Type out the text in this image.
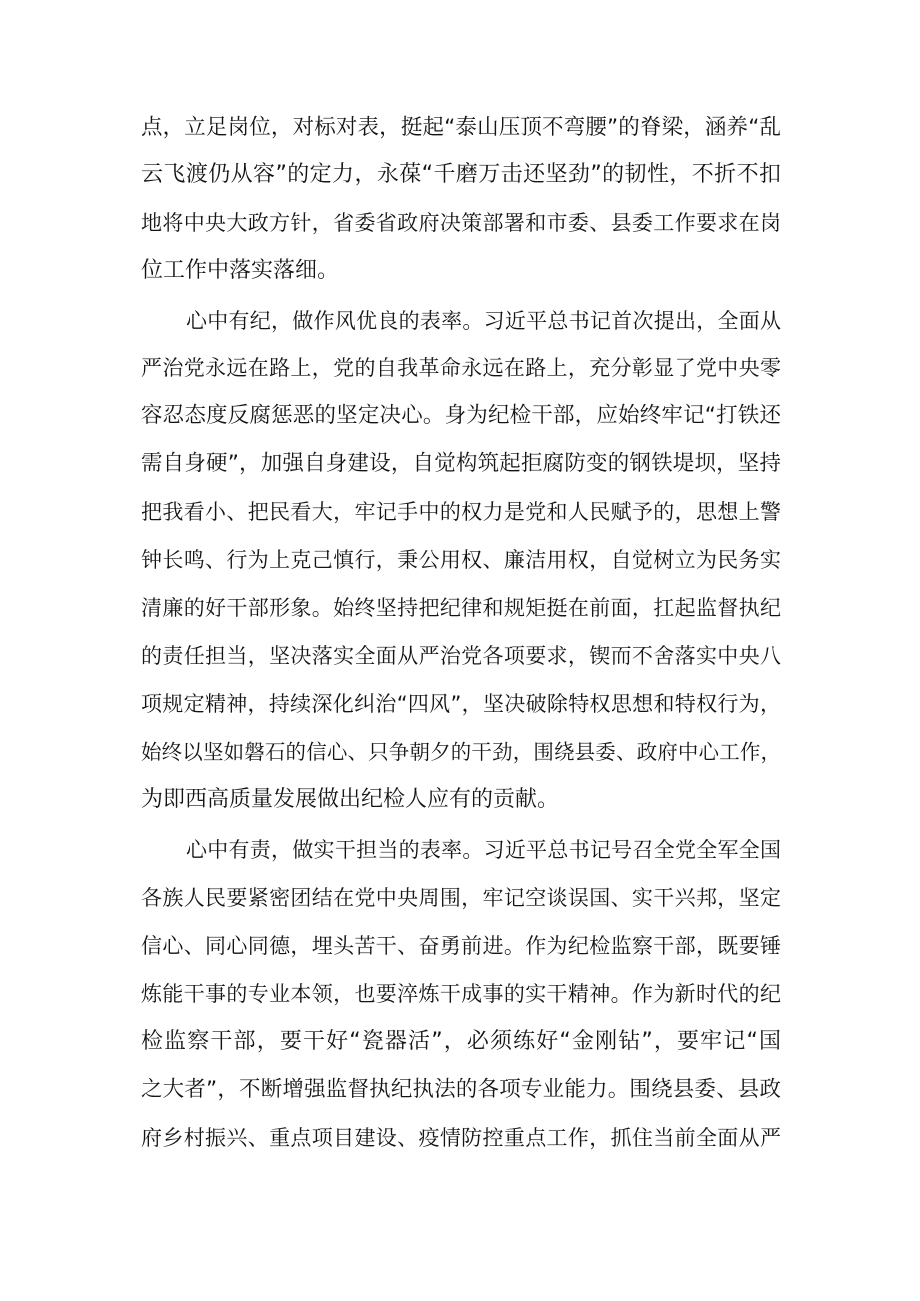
点，立足岗位，对标对表，挺起“泰山压顶不弯腰”的脊梁，涵养“乱

云飞渡仍从容”的定力，永葆“千磨万击还坚劲”的韧性，不折不扣

地将中央大政方针，省委省政府决策部署和市委、县委工作要求在岗

位工作中落实落细。

心中有纪，做作风优良的表率。习近平总书记首次提出，全面从

严治党永远在路上，党的自我革命永远在路上，充分彰显了党中央零

容忍态度反腐惩恶的坚定决心。身为纪检干部，应始终牢记“打铁还

需自身硬”，加强自身建设，自觉构筑起拒腐防变的钢铁堤坝，坚持

把我看小、把民看大，牢记手中的权力是党和人民赋予的，思想上警

钟长鸣、行为上克己慎行，秉公用权、廉洁用权，自觉树立为民务实

清廉的好干部形象。始终坚持把纪律和规矩挺在前面，扛起监督执纪

的责任担当，坚决落实全面从严治党各项要求，锲而不舍落实中央八

项规定精神，持续深化纠治“四风”，坚决破除特权思想和特权行为，

始终以坚如磐石的信心、只争朝夕的干劲，围绕县委、政府中心工作，

为即西高质量发展做出纪检人应有的贡献。

心中有责，做实干担当的表率。习近平总书记号召全党全军全国

各族人民要紧密团结在党中央周围，牢记空谈误国、实干兴邦，坚定

信心、同心同德，埋头苦干、奋勇前进。作为纪检监察干部，既要锤

炼能干事的专业本领，也要淬炼干成事的实干精神。作为新时代的纪

检监察干部，要干好“瓷器活”，必须练好“金刚钻”，要牢记“国

之大者”，不断增强监督执纪执法的各项专业能力。围绕县委、县政

府乡村振兴、重点项目建设、疫情防控重点工作，抓住当前全面从严
